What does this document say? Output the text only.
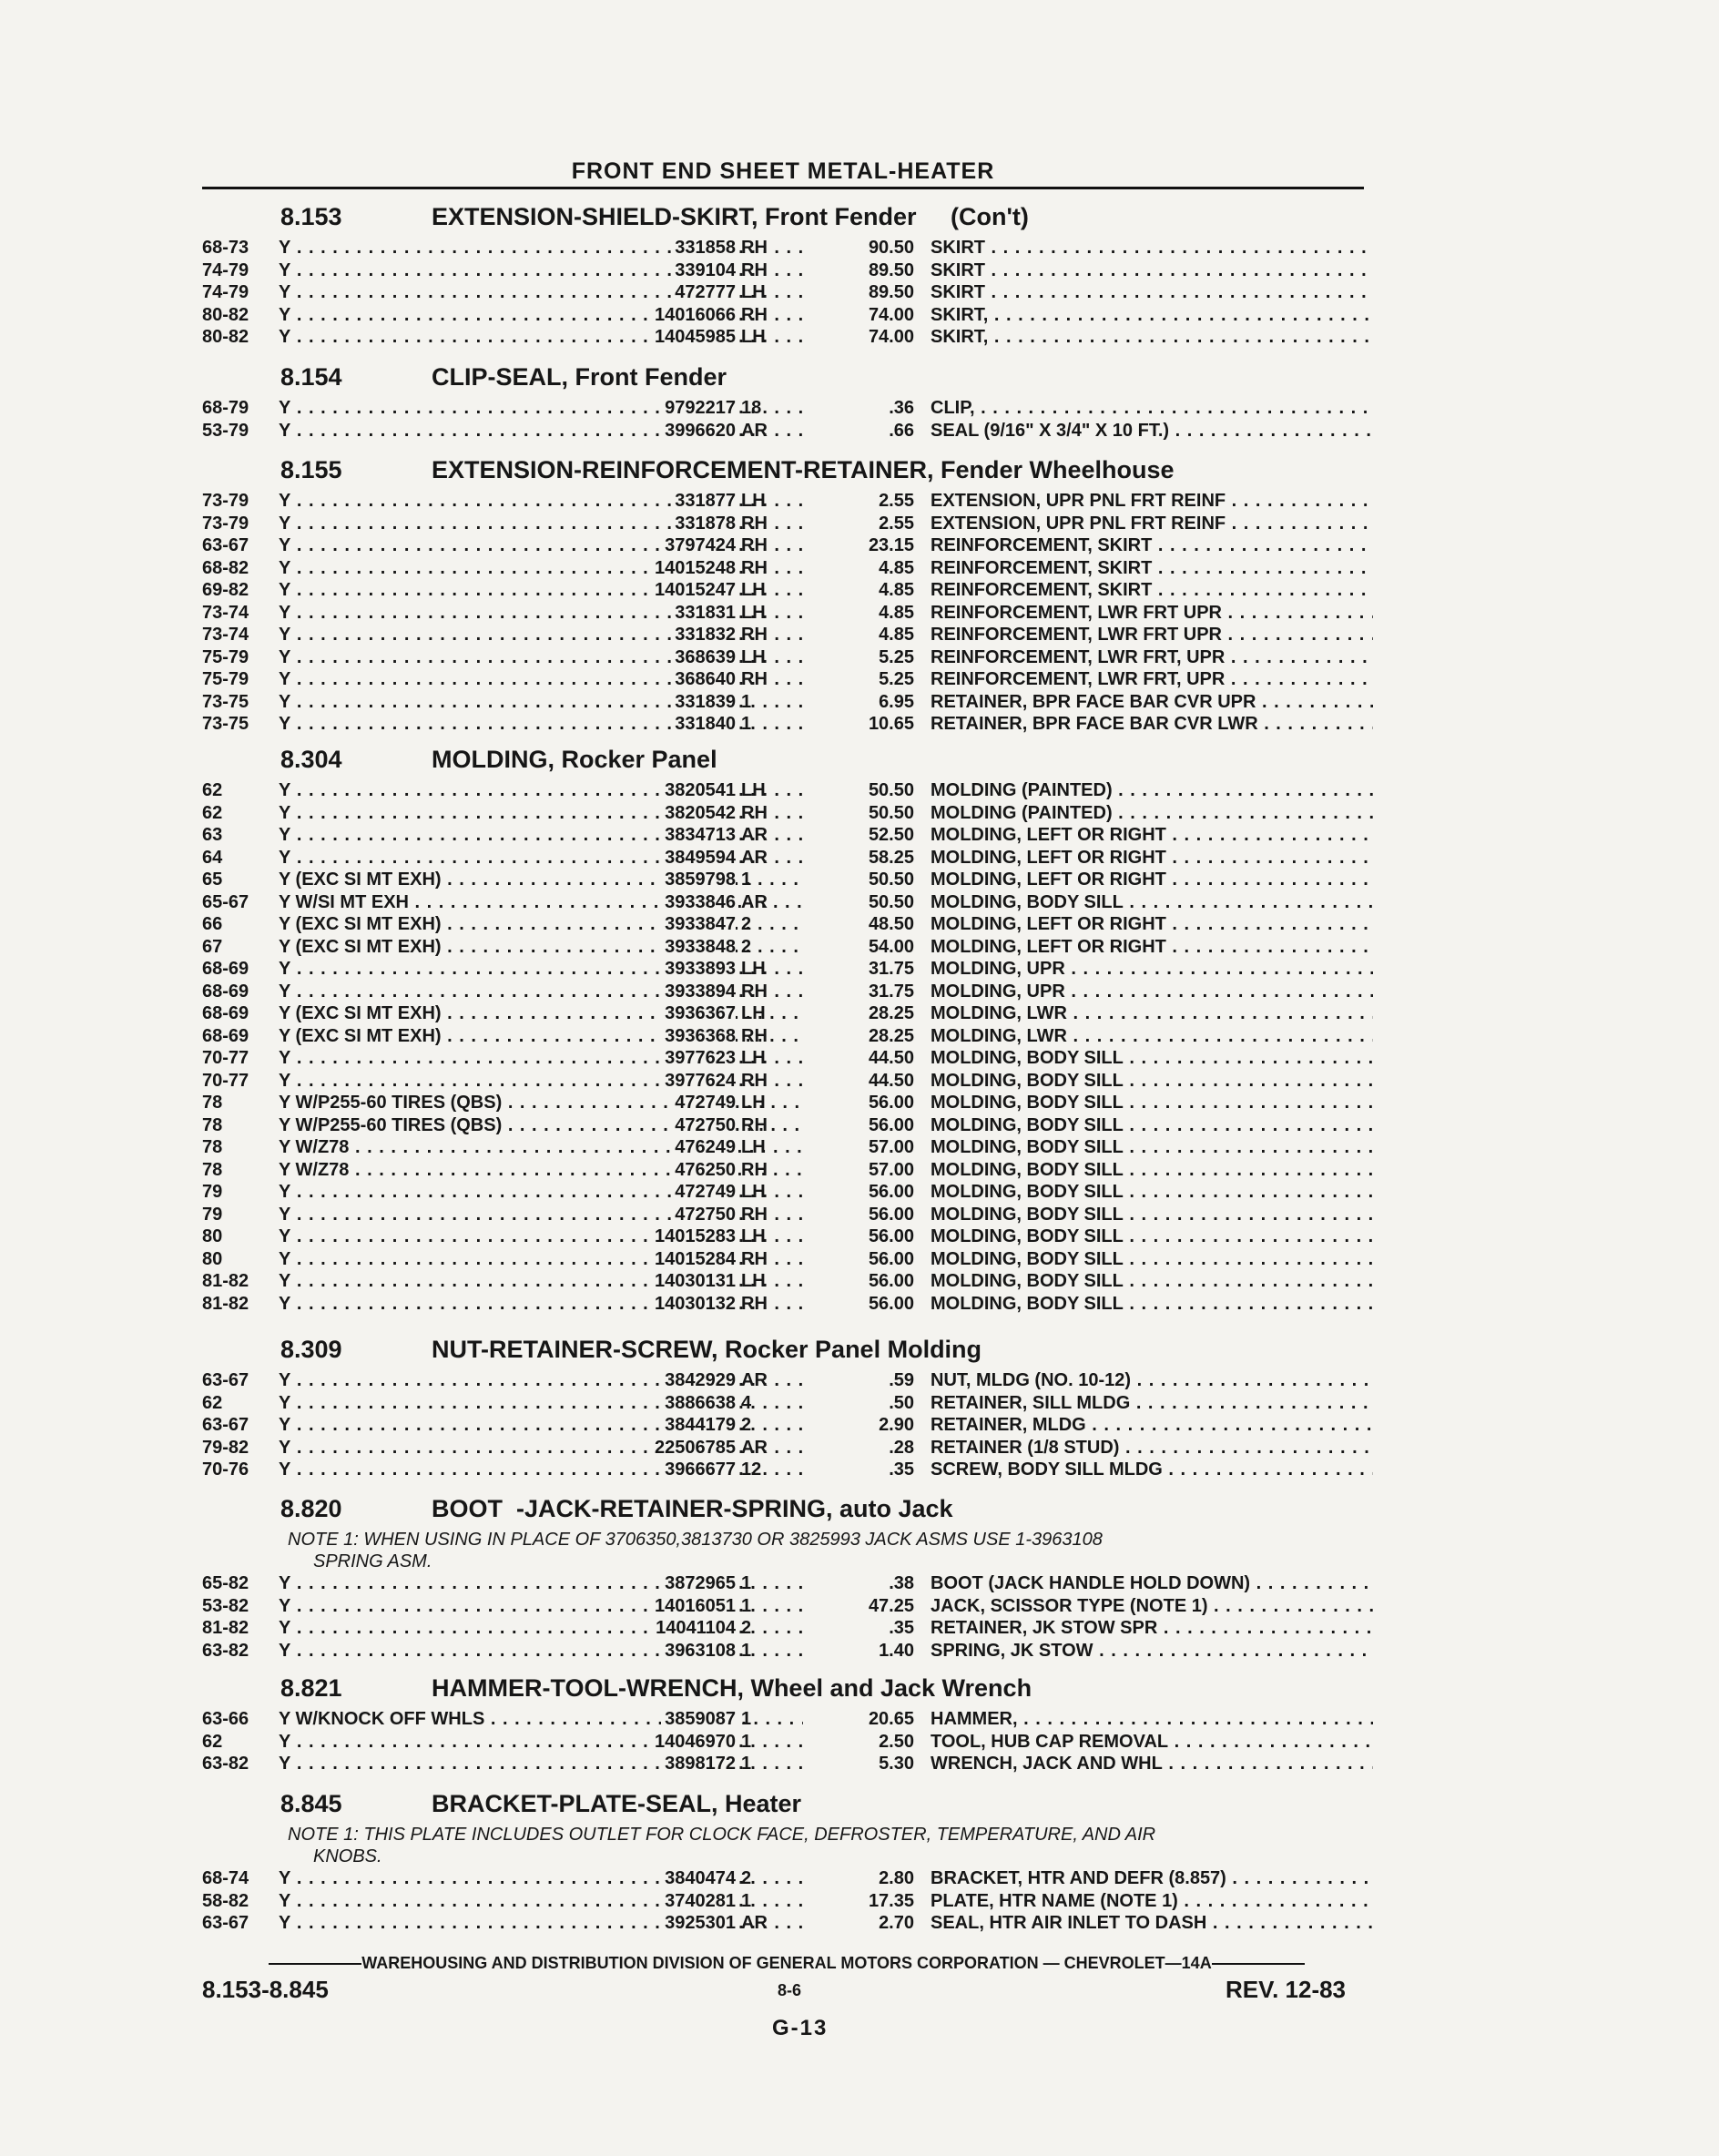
FRONT END SHEET METAL-HEATER
8.153	EXTENSION-SHIELD-SKIRT, Front Fender     (Con't)
68-73 Y . . .	331858 RH	90.50 SKIRT . . .
74-79 Y . . .	339104 RH	89.50 SKIRT . . .
74-79 Y . . .	472777 LH	89.50 SKIRT . . .
80-82 Y . . .	14016066 RH	74.00 SKIRT, . . .
80-82 Y . . .	14045985 LH	74.00 SKIRT, . . .
8.154	CLIP-SEAL, Front Fender
68-79 Y . . .	9792217 18	.36 CLIP, . . .
53-79 Y . . .	3996620 AR	.66 SEAL (9/16" X 3/4" X 10 FT.) . . .
8.155	EXTENSION-REINFORCEMENT-RETAINER, Fender Wheelhouse
73-79 Y . . .	331877 LH	2.55 EXTENSION, UPR PNL FRT REINF . . .
73-79 Y . . .	331878 RH	2.55 EXTENSION, UPR PNL FRT REINF . . .
63-67 Y . . .	3797424 RH	23.15 REINFORCEMENT, SKIRT . . .
68-82 Y . . .	14015248 RH	4.85 REINFORCEMENT, SKIRT . . .
69-82 Y . . .	14015247 LH	4.85 REINFORCEMENT, SKIRT . . .
73-74 Y . . .	331831 LH	4.85 REINFORCEMENT, LWR FRT UPR . . .
73-74 Y . . .	331832 RH	4.85 REINFORCEMENT, LWR FRT UPR . . .
75-79 Y . . .	368639 LH	5.25 REINFORCEMENT, LWR FRT, UPR . . .
75-79 Y . . .	368640 RH	5.25 REINFORCEMENT, LWR FRT, UPR . . .
73-75 Y . . .	331839 1	6.95 RETAINER, BPR FACE BAR CVR UPR . . .
73-75 Y . . .	331840 1	10.65 RETAINER, BPR FACE BAR CVR LWR . . .
8.304	MOLDING, Rocker Panel
62	Y . . .	3820541 LH	50.50 MOLDING (PAINTED) . . .
62	Y . . .	3820542 RH	50.50 MOLDING (PAINTED) . . .
63	Y . . .	3834713 AR	52.50 MOLDING, LEFT OR RIGHT . . .
64	Y . . .	3849594 AR	58.25 MOLDING, LEFT OR RIGHT . . .
65	Y (EXC SI MT EXH) . . .	3859798 1	50.50 MOLDING, LEFT OR RIGHT . . .
65-67 Y W/SI MT EXH . . .	3933846 AR	50.50 MOLDING, BODY SILL . . .
66	Y (EXC SI MT EXH) . . .	3933847 2	48.50 MOLDING, LEFT OR RIGHT . . .
67	Y (EXC SI MT EXH) . . .	3933848 2	54.00 MOLDING, LEFT OR RIGHT . . .
68-69 Y . . .	3933893 LH	31.75 MOLDING, UPR . . .
68-69 Y . . .	3933894 RH	31.75 MOLDING, UPR . . .
68-69 Y (EXC SI MT EXH) . . .	3936367 LH	28.25 MOLDING, LWR . . .
68-69 Y (EXC SI MT EXH) . . .	3936368 RH	28.25 MOLDING, LWR . . .
70-77 Y . . .	3977623 LH	44.50 MOLDING, BODY SILL . . .
70-77 Y . . .	3977624 RH	44.50 MOLDING, BODY SILL . . .
78	Y W/P255-60 TIRES (QBS) . . .	472749 LH	56.00 MOLDING, BODY SILL . . .
78	Y W/P255-60 TIRES (QBS) . . .	472750 RH	56.00 MOLDING, BODY SILL . . .
78	Y W/Z78 . . .	476249 LH	57.00 MOLDING, BODY SILL . . .
78	Y W/Z78 . . .	476250 RH	57.00 MOLDING, BODY SILL . . .
79	Y . . .	472749 LH	56.00 MOLDING, BODY SILL . . .
79	Y . . .	472750 RH	56.00 MOLDING, BODY SILL . . .
80	Y . . .	14015283 LH	56.00 MOLDING, BODY SILL . . .
80	Y . . .	14015284 RH	56.00 MOLDING, BODY SILL . . .
81-82 Y . . .	14030131 LH	56.00 MOLDING, BODY SILL . . .
81-82 Y . . .	14030132 RH	56.00 MOLDING, BODY SILL . . .
8.309	NUT-RETAINER-SCREW, Rocker Panel Molding
63-67 Y . . .	3842929 AR	.59 NUT, MLDG (NO. 10-12) . . .
62	Y . . .	3886638 4	.50 RETAINER, SILL MLDG . . .
63-67 Y . . .	3844179 2	2.90 RETAINER, MLDG . . .
79-82 Y . . .	22506785 AR	.28 RETAINER (1/8 STUD) . . .
70-76 Y . . .	3966677 12	.35 SCREW, BODY SILL MLDG . . .
8.820	BOOT  -JACK-RETAINER-SPRING, auto Jack
NOTE 1: WHEN USING IN PLACE OF 3706350,3813730 OR 3825993 JACK ASMS USE 1-3963108
SPRING ASM.
65-82 Y . . .	3872965 1	.38 BOOT (JACK HANDLE HOLD DOWN) . . .
53-82 Y . . .	14016051 1	47.25 JACK, SCISSOR TYPE (NOTE 1) . . .
81-82 Y . . .	14041104 2	.35 RETAINER, JK STOW SPR . . .
63-82 Y . . .	3963108 1	1.40 SPRING, JK STOW . . .
8.821	HAMMER-TOOL-WRENCH, Wheel and Jack Wrench
63-66 Y W/KNOCK OFF WHLS . . .	3859087 1	20.65 HAMMER, . . .
62	Y . . .	14046970 1	2.50 TOOL, HUB CAP REMOVAL . . .
63-82 Y . . .	3898172 1	5.30 WRENCH, JACK AND WHL . . .
8.845	BRACKET-PLATE-SEAL, Heater
NOTE 1: THIS PLATE INCLUDES OUTLET FOR CLOCK FACE, DEFROSTER, TEMPERATURE, AND AIR
KNOBS.
68-74 Y . . .	3840474 2	2.80 BRACKET, HTR AND DEFR (8.857) . . .
58-82 Y . . .	3740281 1	17.35 PLATE, HTR NAME (NOTE 1) . . .
63-67 Y . . .	3925301 AR	2.70 SEAL, HTR AIR INLET TO DASH . . .
WAREHOUSING AND DISTRIBUTION DIVISION OF GENERAL MOTORS CORPORATION — CHEVROLET—14A
8.153-8.845	8-6	REV. 12-83
G-13
